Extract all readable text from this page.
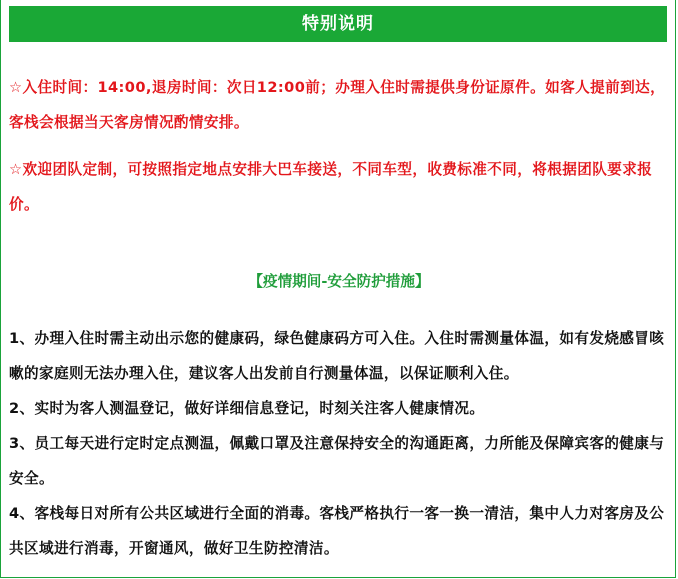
特别说明

☆入住时间：14:00,退房时间：次日12:00前；办理入住时需提供身份证原件。如客人提前到达，客栈会根据当天客房情况酌情安排。

☆欢迎团队定制，可按照指定地点安排大巴车接送，不同车型，收费标准不同，将根据团队要求报价。

【疫情期间-安全防护措施】

1、办理入住时需主动出示您的健康码，绿色健康码方可入住。入住时需测量体温，如有发烧感冒咳嗽的家庭则无法办理入住，建议客人出发前自行测量体温，以保证顺利入住。

2、实时为客人测温登记，做好详细信息登记，时刻关注客人健康情况。

3、员工每天进行定时定点测温，佩戴口罩及注意保持安全的沟通距离，力所能及保障宾客的健康与安全。

4、客栈每日对所有公共区域进行全面的消毒。客栈严格执行一客一换一清洁，集中人力对客房及公共区域进行消毒，开窗通风，做好卫生防控清洁。
